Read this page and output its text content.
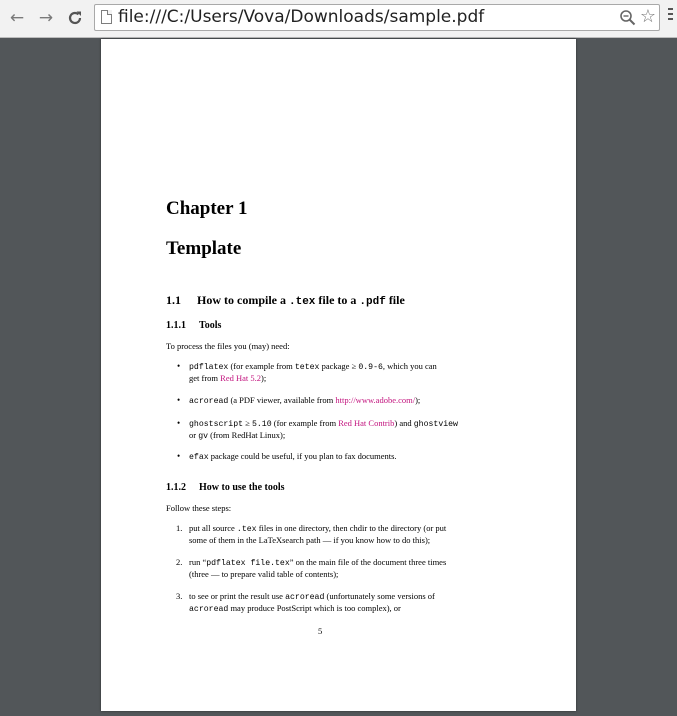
← →	file:///C:/Users/Vova/Downloads/sample.pdf	☆
Chapter 1
Template
1.1 How to compile a .tex file to a .pdf file
1.1.1 Tools
To process the files you (may) need:
• pdflatex (for example from tetex package ≥ 0.9-6, which you can
get from Red Hat 5.2);
• acroread (a PDF viewer, available from http://www.adobe.com/);
• ghostscript ≥ 5.10 (for example from Red Hat Contrib) and ghostview
or gv (from RedHat Linux);
• efax package could be useful, if you plan to fax documents.
1.1.2 How to use the tools
Follow these steps:
1. put all source .tex files in one directory, then chdir to the directory (or put
some of them in the LaTeXsearch path — if you know how to do this);
2. run “pdflatex file.tex” on the main file of the document three times
(three — to prepare valid table of contents);
3. to see or print the result use acroread (unfortunately some versions of
acroread may produce PostScript which is too complex), or
5
